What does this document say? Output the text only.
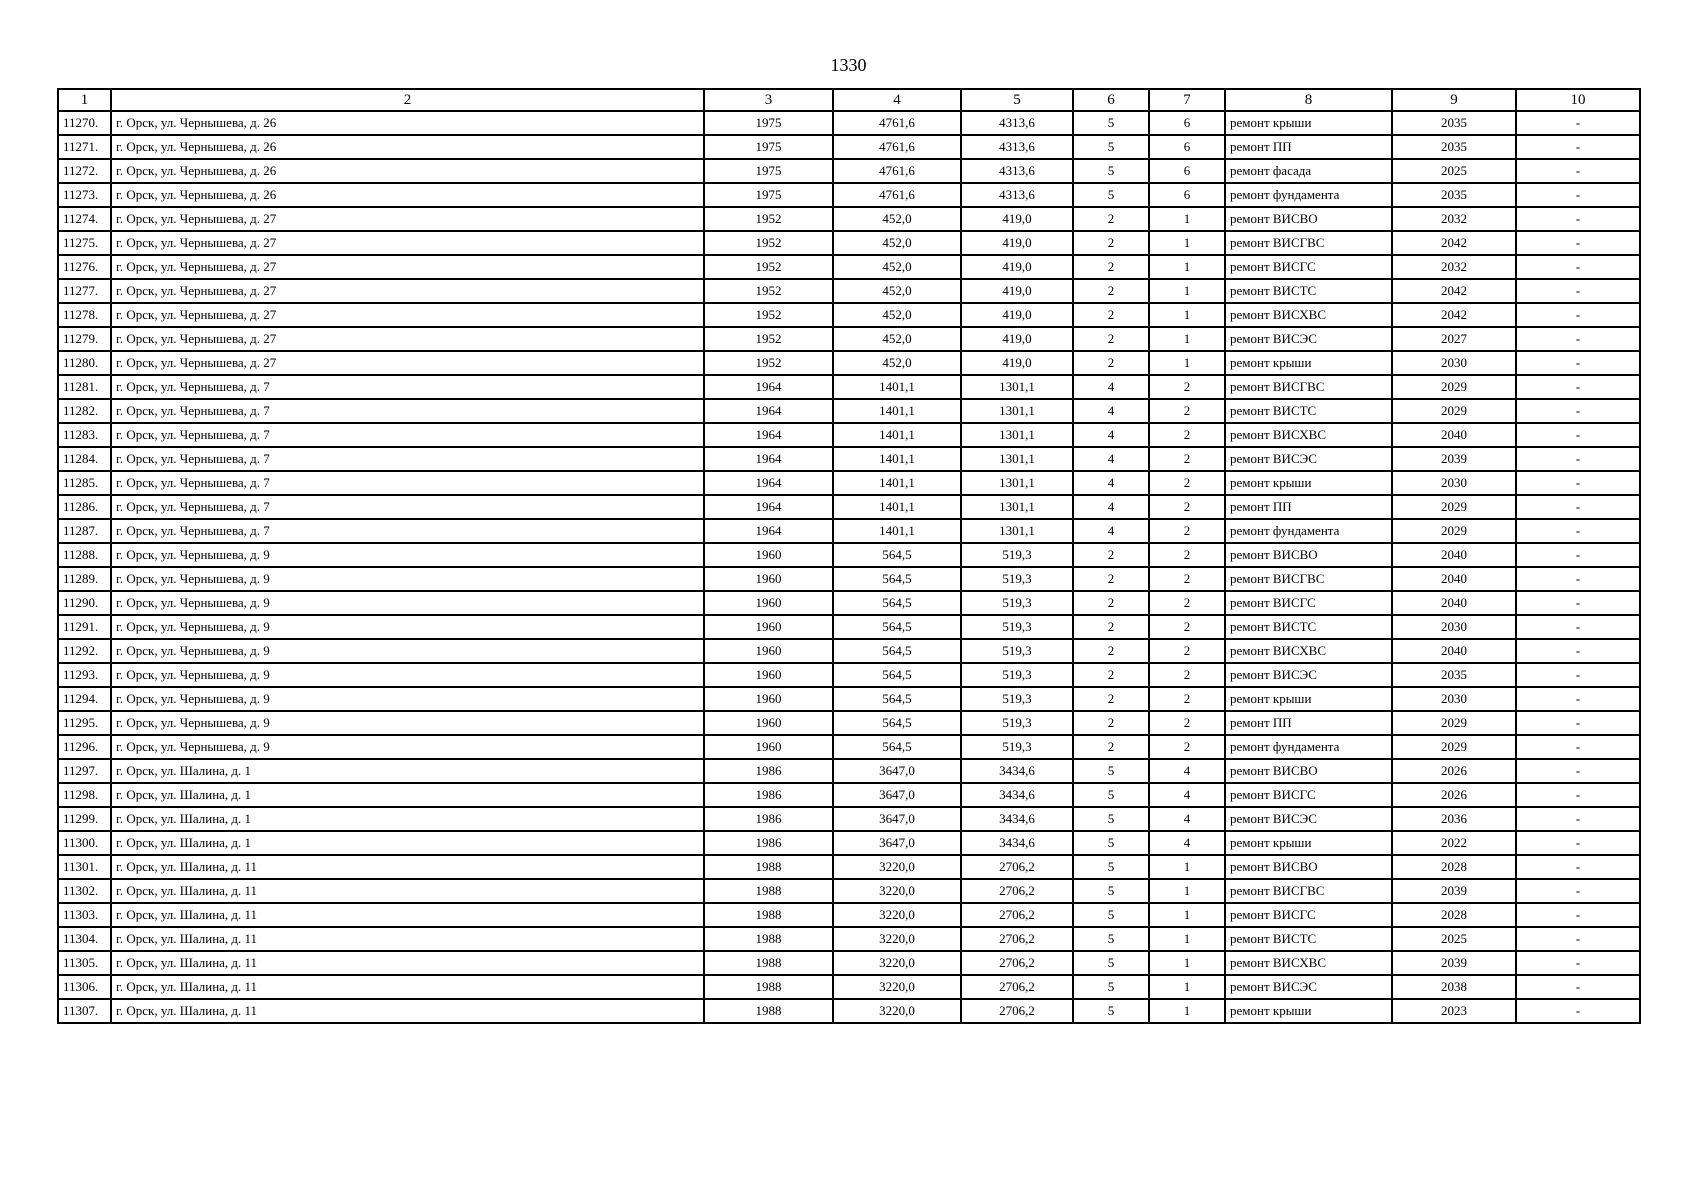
1330
1	2	3	4	5	6	7	8	9	10
11270.	г. Орск, ул. Чернышева, д. 26	1975	4761,6	4313,6	5	6	ремонт крыши	2035	-
11271.	г. Орск, ул. Чернышева, д. 26	1975	4761,6	4313,6	5	6	ремонт ПП	2035	-
11272.	г. Орск, ул. Чернышева, д. 26	1975	4761,6	4313,6	5	6	ремонт фасада	2025	-
11273.	г. Орск, ул. Чернышева, д. 26	1975	4761,6	4313,6	5	6	ремонт фундамента	2035	-
11274.	г. Орск, ул. Чернышева, д. 27	1952	452,0	419,0	2	1	ремонт ВИСВО	2032	-
11275.	г. Орск, ул. Чернышева, д. 27	1952	452,0	419,0	2	1	ремонт ВИСГВС	2042	-
11276.	г. Орск, ул. Чернышева, д. 27	1952	452,0	419,0	2	1	ремонт ВИСГС	2032	-
11277.	г. Орск, ул. Чернышева, д. 27	1952	452,0	419,0	2	1	ремонт ВИСТС	2042	-
11278.	г. Орск, ул. Чернышева, д. 27	1952	452,0	419,0	2	1	ремонт ВИСХВС	2042	-
11279.	г. Орск, ул. Чернышева, д. 27	1952	452,0	419,0	2	1	ремонт ВИСЭС	2027	-
11280.	г. Орск, ул. Чернышева, д. 27	1952	452,0	419,0	2	1	ремонт крыши	2030	-
11281.	г. Орск, ул. Чернышева, д. 7	1964	1401,1	1301,1	4	2	ремонт ВИСГВС	2029	-
11282.	г. Орск, ул. Чернышева, д. 7	1964	1401,1	1301,1	4	2	ремонт ВИСТС	2029	-
11283.	г. Орск, ул. Чернышева, д. 7	1964	1401,1	1301,1	4	2	ремонт ВИСХВС	2040	-
11284.	г. Орск, ул. Чернышева, д. 7	1964	1401,1	1301,1	4	2	ремонт ВИСЭС	2039	-
11285.	г. Орск, ул. Чернышева, д. 7	1964	1401,1	1301,1	4	2	ремонт крыши	2030	-
11286.	г. Орск, ул. Чернышева, д. 7	1964	1401,1	1301,1	4	2	ремонт ПП	2029	-
11287.	г. Орск, ул. Чернышева, д. 7	1964	1401,1	1301,1	4	2	ремонт фундамента	2029	-
11288.	г. Орск, ул. Чернышева, д. 9	1960	564,5	519,3	2	2	ремонт ВИСВО	2040	-
11289.	г. Орск, ул. Чернышева, д. 9	1960	564,5	519,3	2	2	ремонт ВИСГВС	2040	-
11290.	г. Орск, ул. Чернышева, д. 9	1960	564,5	519,3	2	2	ремонт ВИСГС	2040	-
11291.	г. Орск, ул. Чернышева, д. 9	1960	564,5	519,3	2	2	ремонт ВИСТС	2030	-
11292.	г. Орск, ул. Чернышева, д. 9	1960	564,5	519,3	2	2	ремонт ВИСХВС	2040	-
11293.	г. Орск, ул. Чернышева, д. 9	1960	564,5	519,3	2	2	ремонт ВИСЭС	2035	-
11294.	г. Орск, ул. Чернышева, д. 9	1960	564,5	519,3	2	2	ремонт крыши	2030	-
11295.	г. Орск, ул. Чернышева, д. 9	1960	564,5	519,3	2	2	ремонт ПП	2029	-
11296.	г. Орск, ул. Чернышева, д. 9	1960	564,5	519,3	2	2	ремонт фундамента	2029	-
11297.	г. Орск, ул. Шалина, д. 1	1986	3647,0	3434,6	5	4	ремонт ВИСВО	2026	-
11298.	г. Орск, ул. Шалина, д. 1	1986	3647,0	3434,6	5	4	ремонт ВИСГС	2026	-
11299.	г. Орск, ул. Шалина, д. 1	1986	3647,0	3434,6	5	4	ремонт ВИСЭС	2036	-
11300.	г. Орск, ул. Шалина, д. 1	1986	3647,0	3434,6	5	4	ремонт крыши	2022	-
11301.	г. Орск, ул. Шалина, д. 11	1988	3220,0	2706,2	5	1	ремонт ВИСВО	2028	-
11302.	г. Орск, ул. Шалина, д. 11	1988	3220,0	2706,2	5	1	ремонт ВИСГВС	2039	-
11303.	г. Орск, ул. Шалина, д. 11	1988	3220,0	2706,2	5	1	ремонт ВИСГС	2028	-
11304.	г. Орск, ул. Шалина, д. 11	1988	3220,0	2706,2	5	1	ремонт ВИСТС	2025	-
11305.	г. Орск, ул. Шалина, д. 11	1988	3220,0	2706,2	5	1	ремонт ВИСХВС	2039	-
11306.	г. Орск, ул. Шалина, д. 11	1988	3220,0	2706,2	5	1	ремонт ВИСЭС	2038	-
11307.	г. Орск, ул. Шалина, д. 11	1988	3220,0	2706,2	5	1	ремонт крыши	2023	-
